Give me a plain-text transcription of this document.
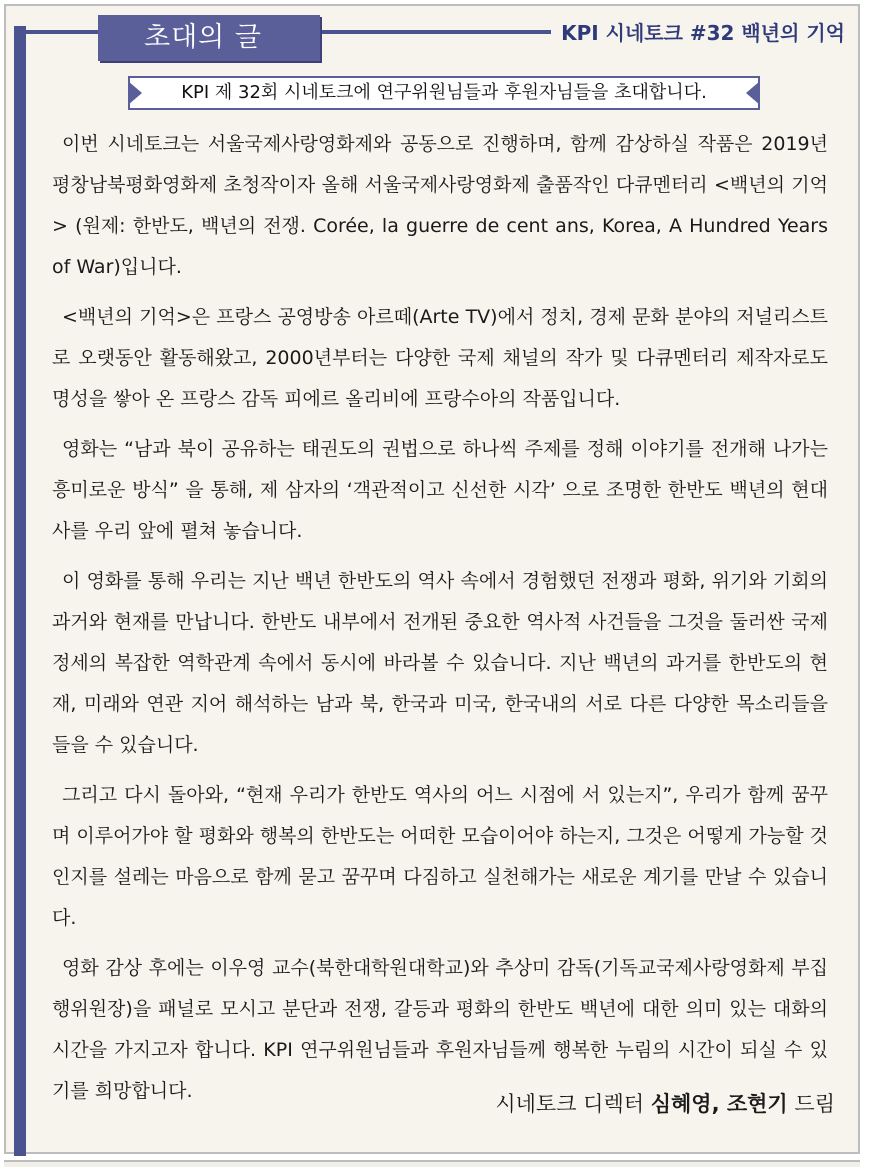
초대의 글	KPI 시네토크 #32 백년의 기억
KPI 제 32회 시네토크에 연구위원님들과 후원자님들을 초대합니다.

이번 시네토크는 서울국제사랑영화제와 공동으로 진행하며, 함께 감상하실 작품은 2019년 평창남북평화영화제 초청작이자 올해 서울국제사랑영화제 출품작인 다큐멘터리 <백년의 기억> (원제: 한반도, 백년의 전쟁. Corée, la guerre de cent ans, Korea, A Hundred Years of War)입니다.

<백년의 기억>은 프랑스 공영방송 아르떼(Arte TV)에서 정치, 경제 문화 분야의 저널리스트로 오랫동안 활동해왔고, 2000년부터는 다양한 국제 채널의 작가 및 다큐멘터리 제작자로도 명성을 쌓아 온 프랑스 감독 피에르 올리비에 프랑수아의 작품입니다.

영화는 “남과 북이 공유하는 태권도의 권법으로 하나씩 주제를 정해 이야기를 전개해 나가는 흥미로운 방식” 을 통해, 제 삼자의 ‘객관적이고 신선한 시각’ 으로 조명한 한반도 백년의 현대사를 우리 앞에 펼쳐 놓습니다.

이 영화를 통해 우리는 지난 백년 한반도의 역사 속에서 경험했던 전쟁과 평화, 위기와 기회의 과거와 현재를 만납니다. 한반도 내부에서 전개된 중요한 역사적 사건들을 그것을 둘러싼 국제정세의 복잡한 역학관계 속에서 동시에 바라볼 수 있습니다. 지난 백년의 과거를 한반도의 현재, 미래와 연관 지어 해석하는 남과 북, 한국과 미국, 한국내의 서로 다른 다양한 목소리들을 들을 수 있습니다.

그리고 다시 돌아와, “현재 우리가 한반도 역사의 어느 시점에 서 있는지”, 우리가 함께 꿈꾸며 이루어가야 할 평화와 행복의 한반도는 어떠한 모습이어야 하는지, 그것은 어떻게 가능할 것인지를 설레는 마음으로 함께 묻고 꿈꾸며 다짐하고 실천해가는 새로운 계기를 만날 수 있습니다.

영화 감상 후에는 이우영 교수(북한대학원대학교)와 추상미 감독(기독교국제사랑영화제 부집행위원장)을 패널로 모시고 분단과 전쟁, 갈등과 평화의 한반도 백년에 대한 의미 있는 대화의 시간을 가지고자 합니다. KPI 연구위원님들과 후원자님들께 행복한 누림의 시간이 되실 수 있기를 희망합니다.

시네토크 디렉터 심혜영, 조현기 드림
